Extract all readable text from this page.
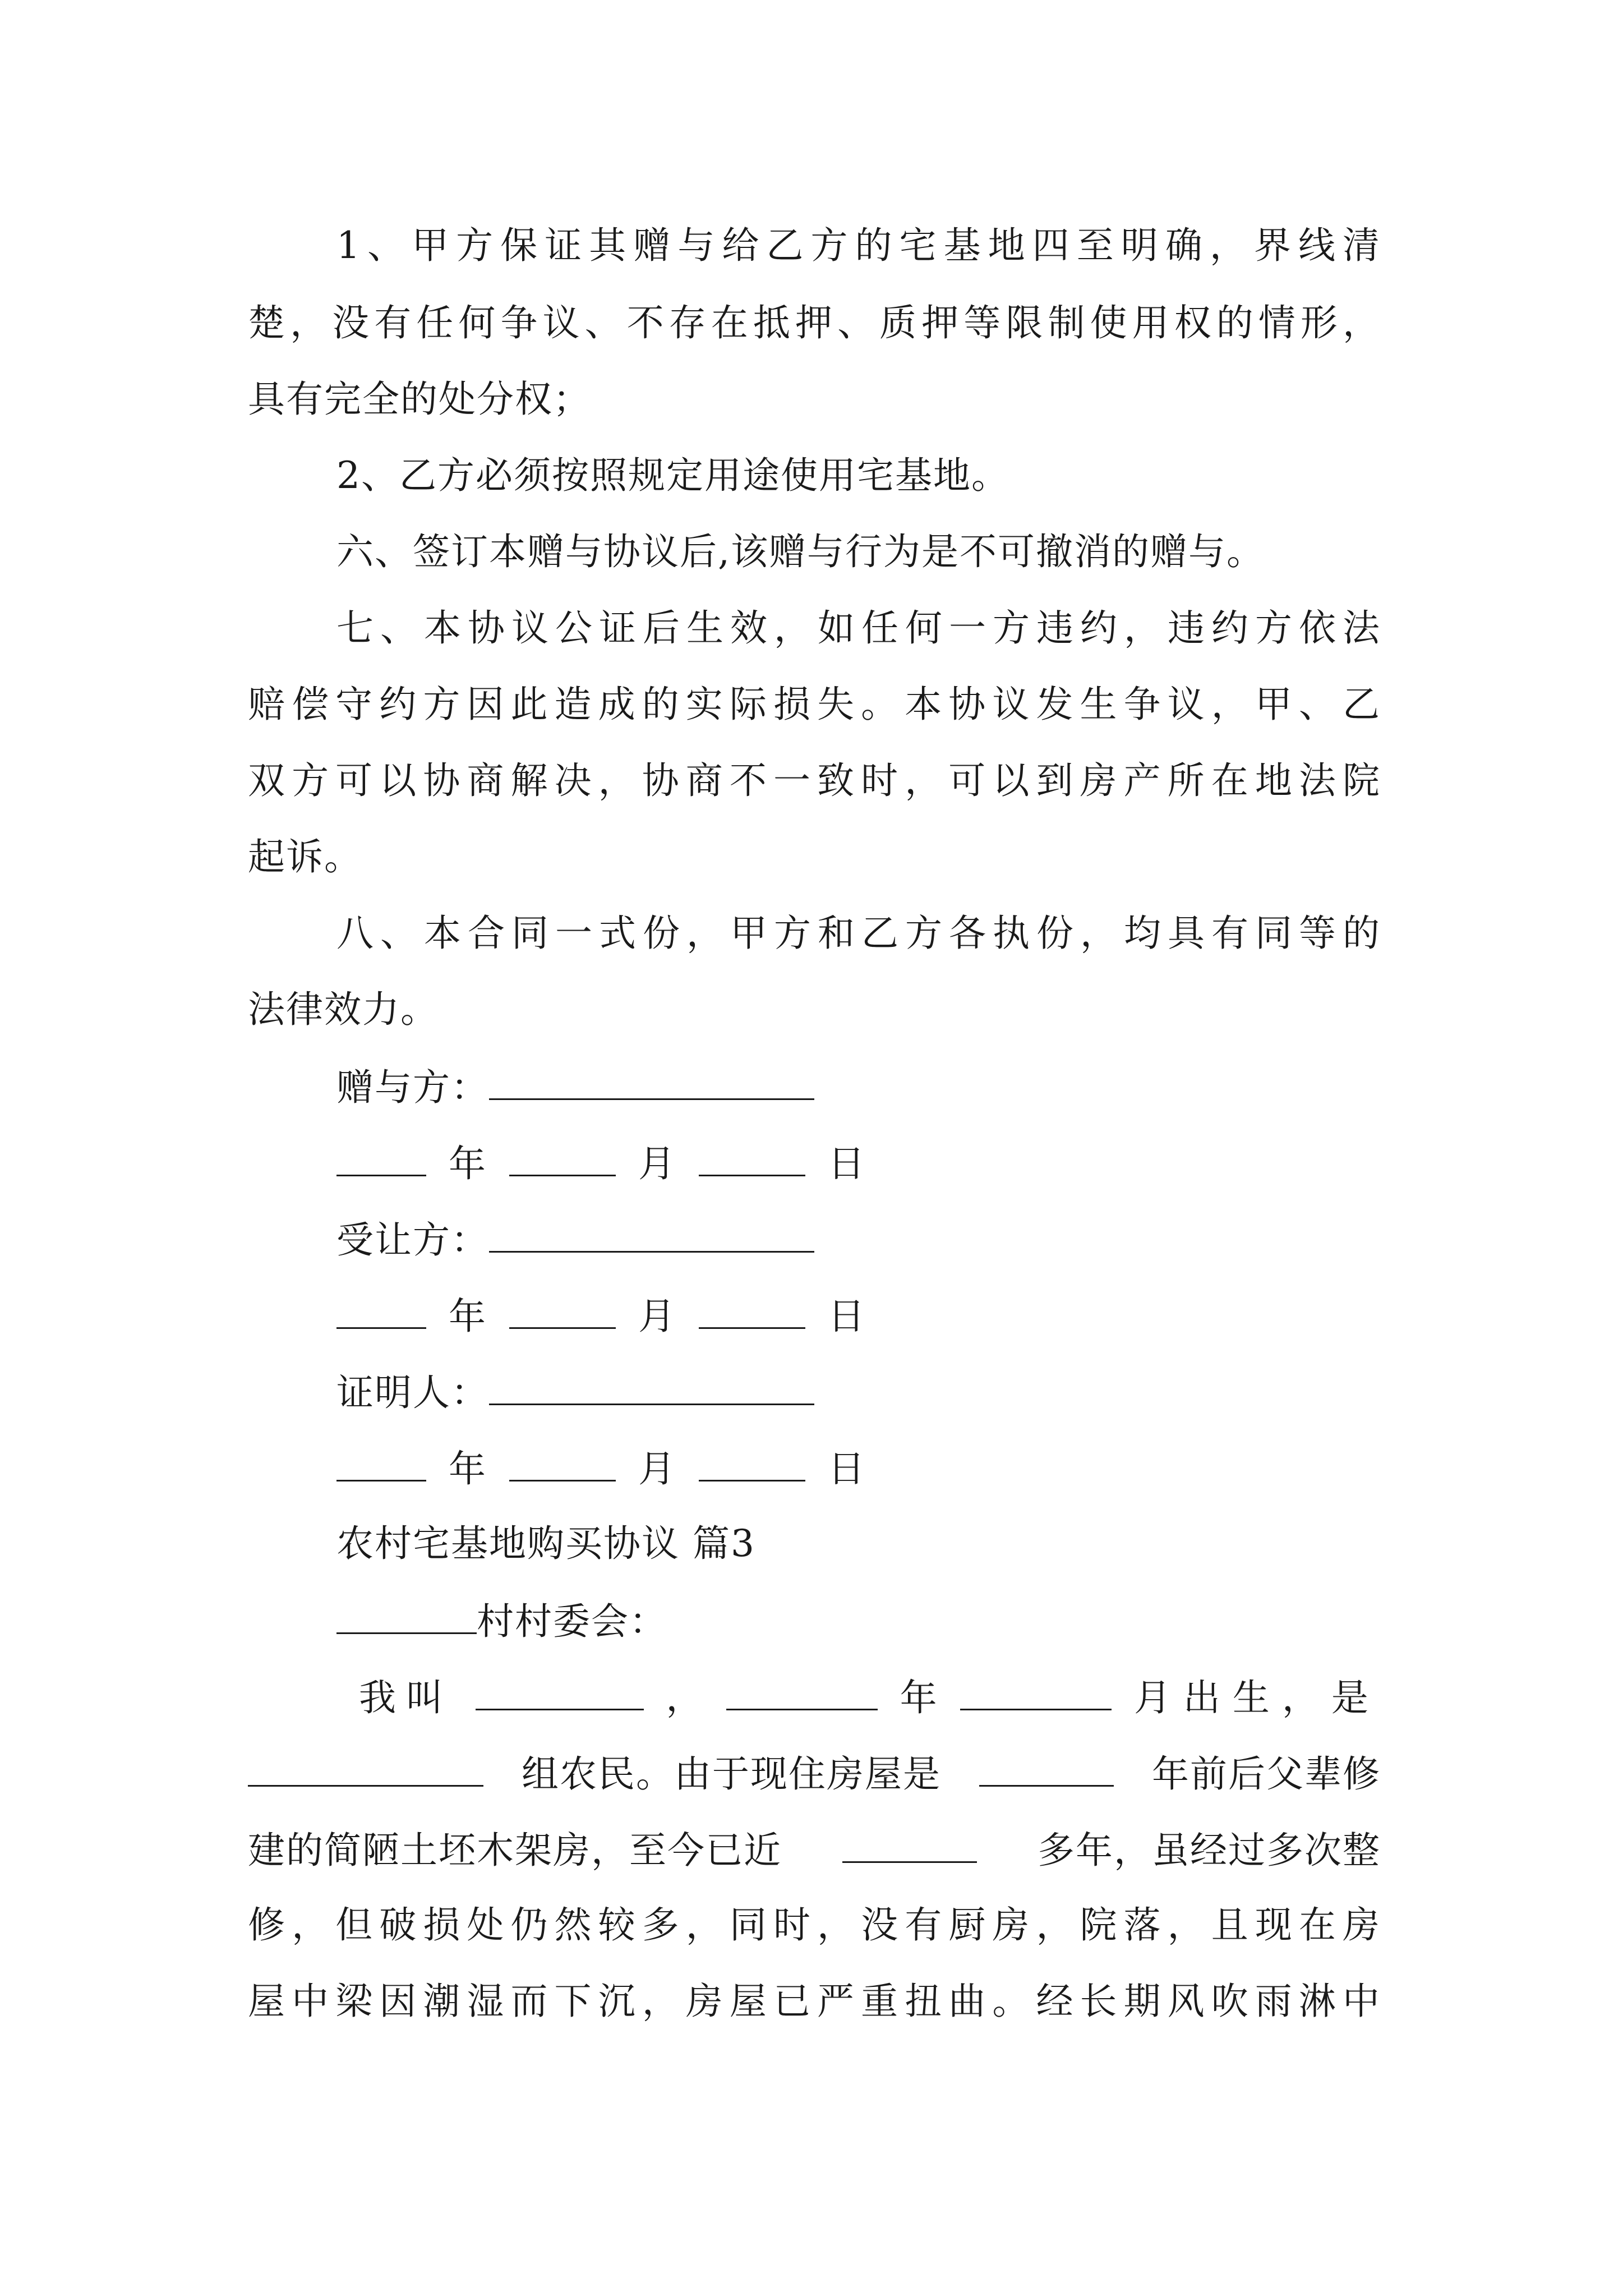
1、甲方保证其赠与给乙方的宅基地四至明确，界线清
楚，没有任何争议、不存在抵押、质押等限制使用权的情形，
具有完全的处分权；
2、乙方必须按照规定用途使用宅基地。
六、签订本赠与协议后,该赠与行为是不可撤消的赠与。
七、本协议公证后生效，如任何一方违约，违约方依法
赔偿守约方因此造成的实际损失。本协议发生争议，甲、乙
双方可以协商解决，协商不一致时，可以到房产所在地法院
起诉。
八、本合同一式份，甲方和乙方各执份，均具有同等的
法律效力。
赠与方：
年	月	日
受让方：
年	月	日
证明人：
年	月	日
农村宅基地购买协议 篇3
村村委会：
我叫	，	年	月出生，是
组农民。由于现住房屋是	年前后父辈修
建的简陋土坯木架房，至今已近	多年，虽经过多次整
修，但破损处仍然较多，同时，没有厨房，院落，且现在房
屋中梁因潮湿而下沉，房屋已严重扭曲。经长期风吹雨淋中
